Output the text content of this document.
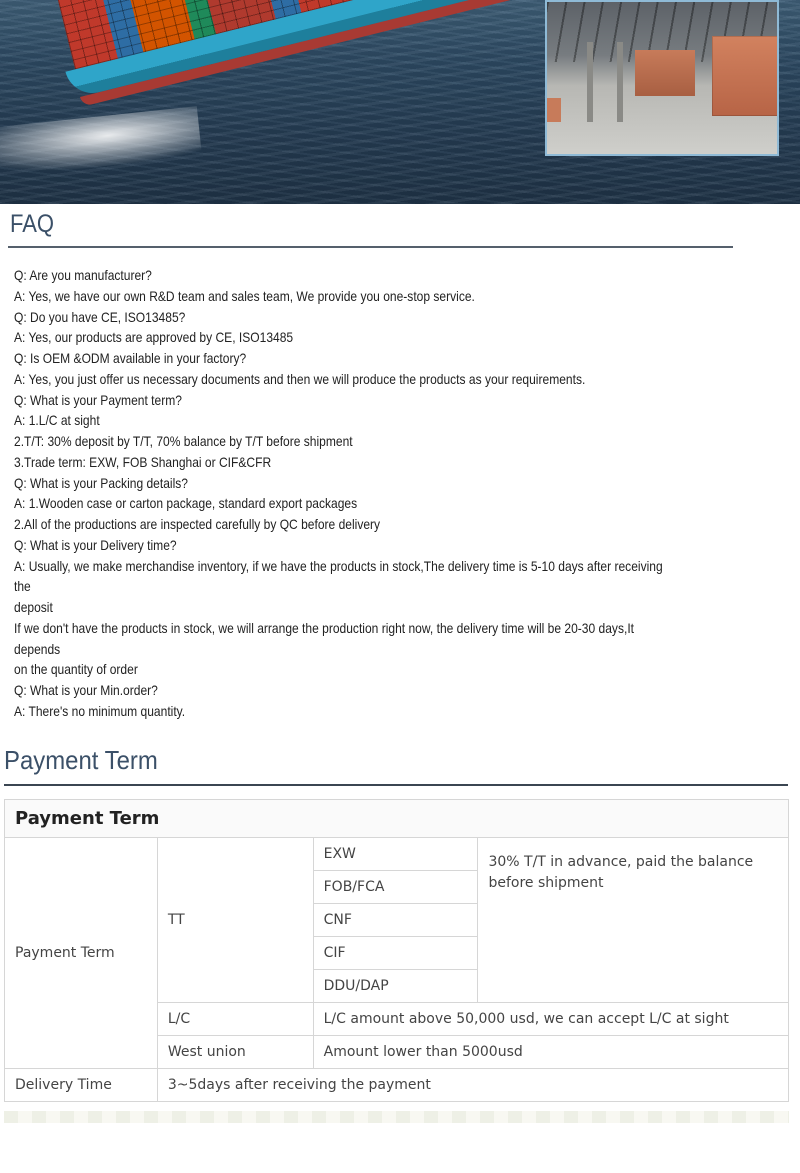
FAQ
Q: Are you manufacturer?
A: Yes, we have our own R&D team and sales team, We provide you one-stop service.
Q: Do you have CE, ISO13485?
A: Yes, our products are approved by CE, ISO13485
Q: Is OEM &ODM available in your factory?
A: Yes, you just offer us necessary documents and then we will produce the products as your requirements.
Q: What is your Payment term?
A: 1.L/C at sight
2.T/T: 30% deposit by T/T, 70% balance by T/T before shipment
3.Trade term: EXW, FOB Shanghai or CIF&CFR
Q: What is your Packing details?
A: 1.Wooden case or carton package, standard export packages
2.All of the productions are inspected carefully by QC before delivery
Q: What is your Delivery time?
A: Usually, we make merchandise inventory, if we have the products in stock,The delivery time is 5-10 days after receiving
the
deposit
If we don't have the products in stock, we will arrange the production right now, the delivery time will be 20-30 days,It
depends
on the quantity of order
Q: What is your Min.order?
A: There's no minimum quantity.
Payment Term
Payment Term			
Payment Term	TT	EXW	30% T/T in advance, paid the balance before shipment
		FOB/FCA	
		CNF	
		CIF	
		DDU/DAP	
	L/C	L/C amount above 50,000 usd, we can accept L/C at sight	
	West union	Amount lower than 5000usd	
Delivery Time	3~5days after receiving the payment		
